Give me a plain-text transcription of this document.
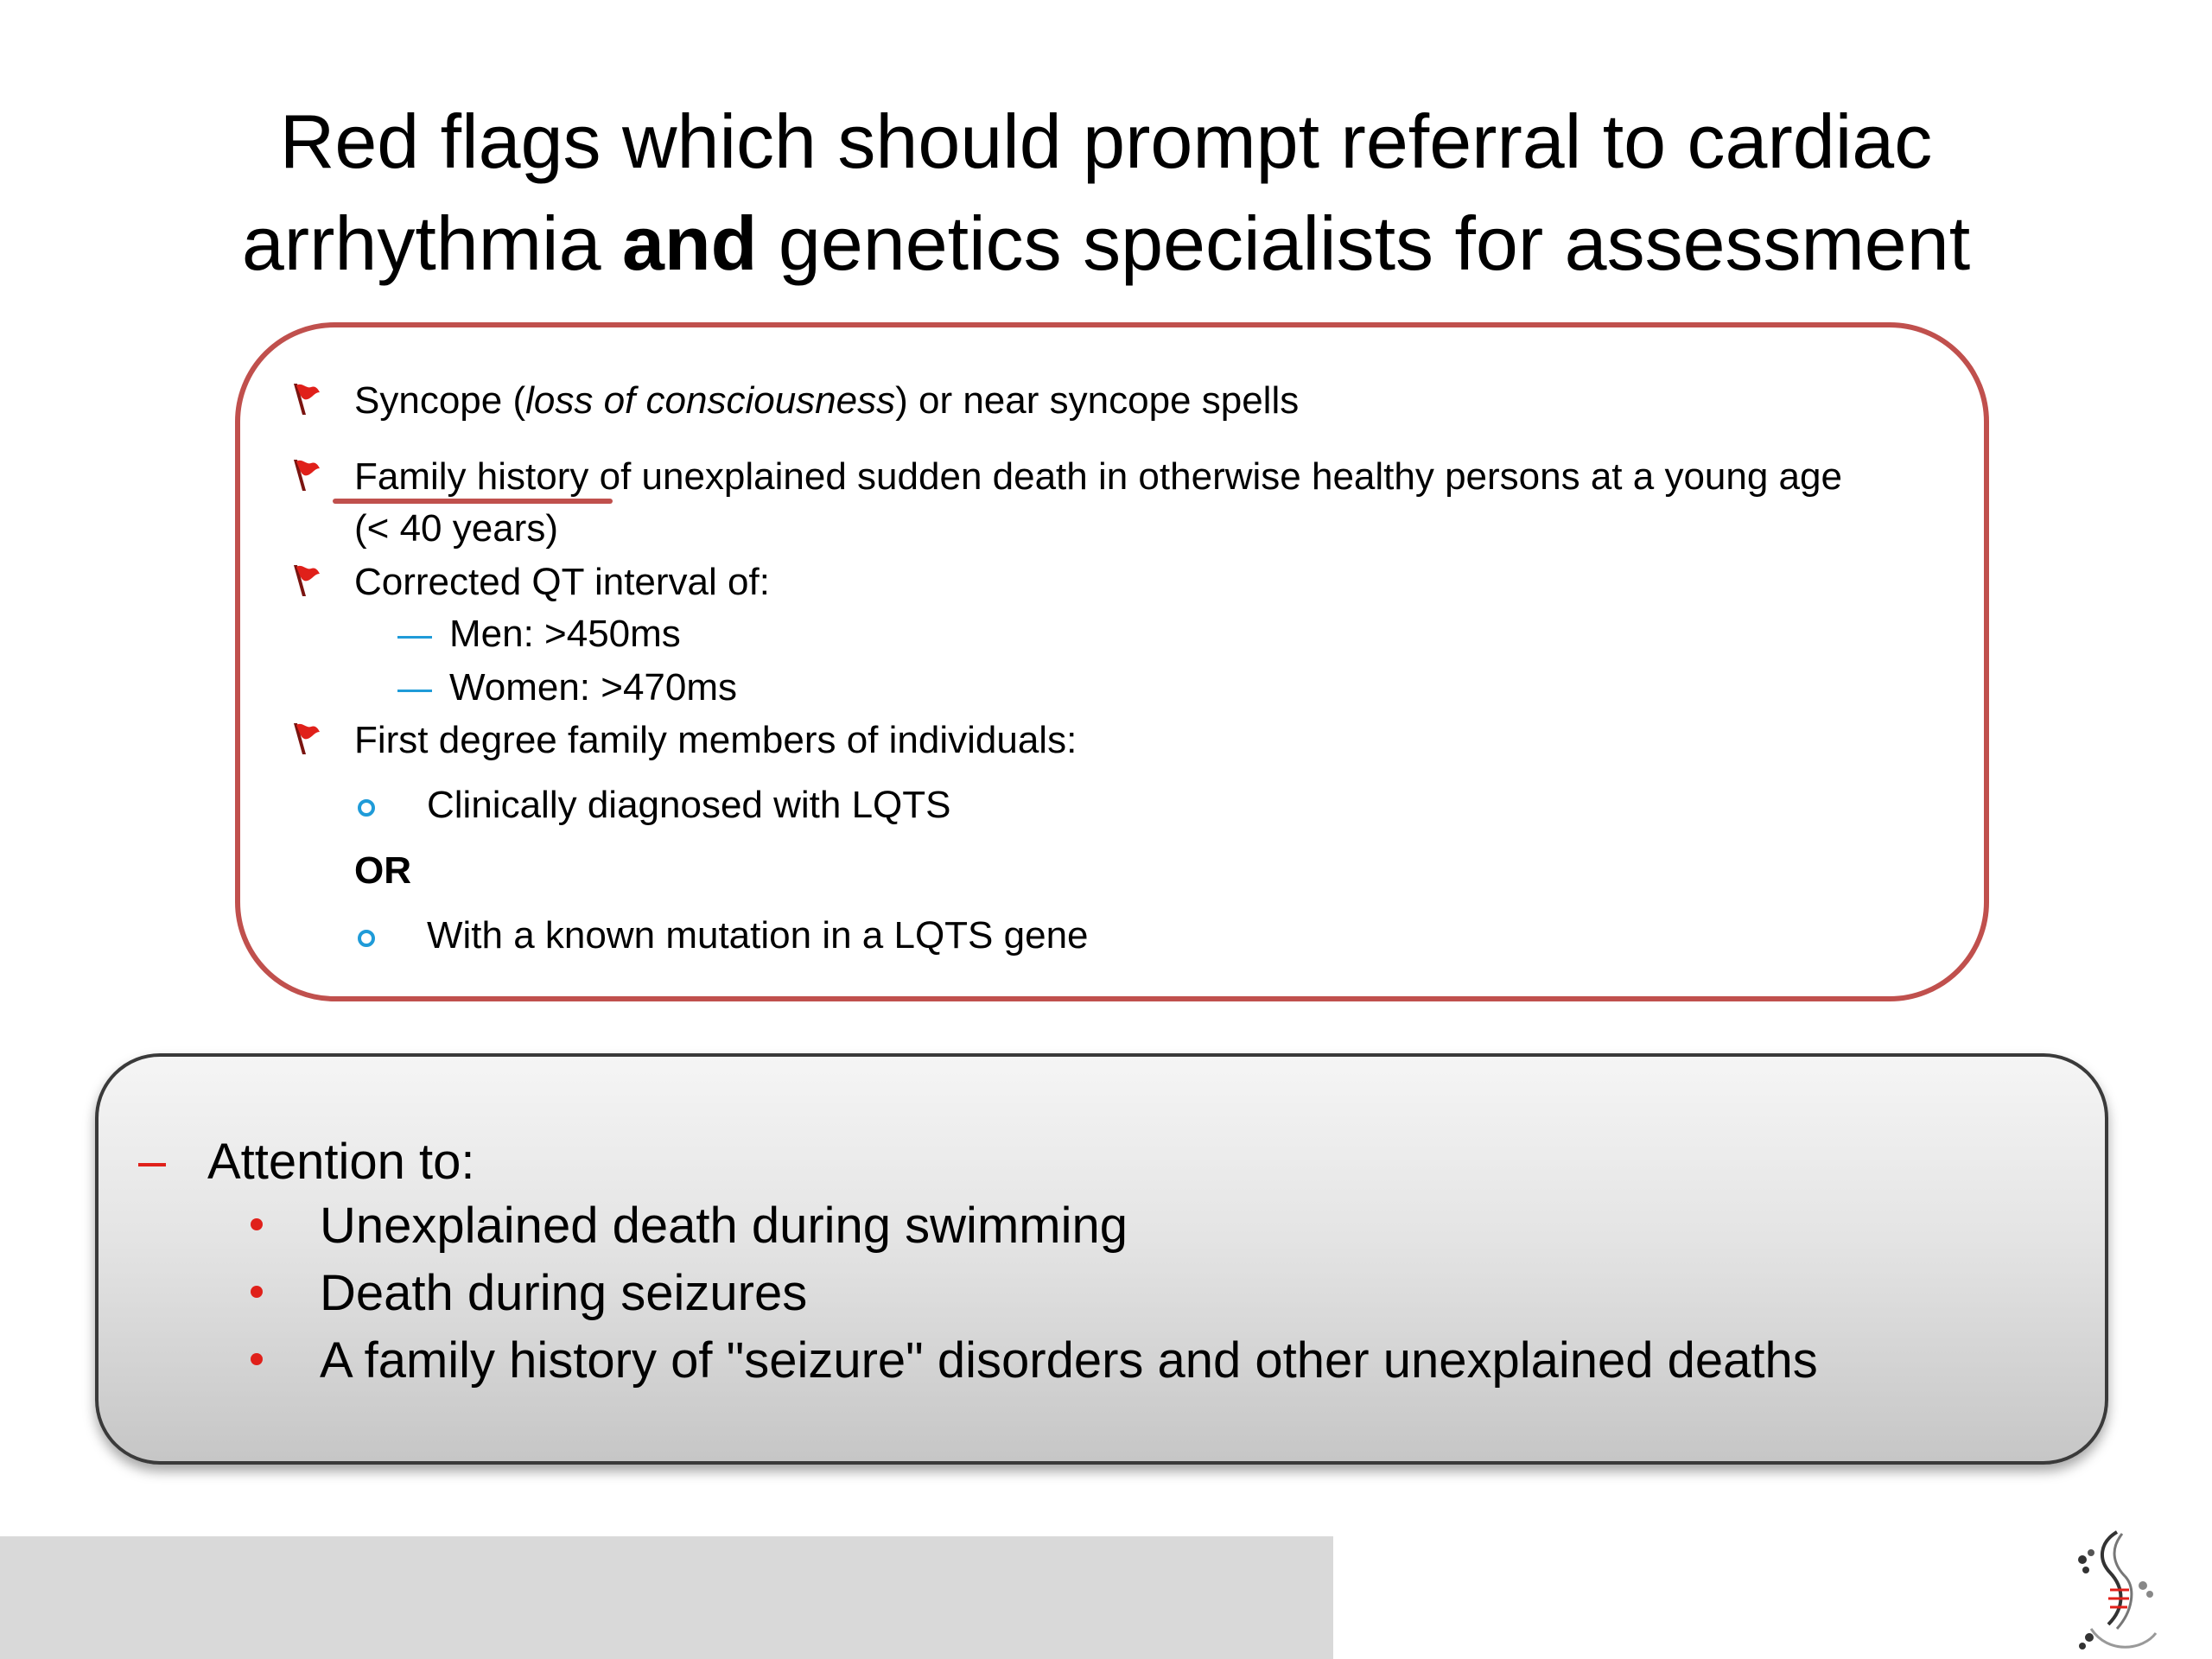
Red flags which should prompt referral to cardiac
arrhythmia and genetics specialists for assessment
Syncope (loss of consciousness) or near syncope spells
Family history of unexplained sudden death in otherwise healthy persons at a young age
(< 40 years)
Corrected QT interval of:
Men: >450ms
Women: >470ms
First degree family members of individuals:
Clinically diagnosed with LQTS
OR
With a known mutation in a LQTS gene
Attention to:
Unexplained death during swimming
Death during seizures
A family history of "seizure" disorders and other unexplained deaths
